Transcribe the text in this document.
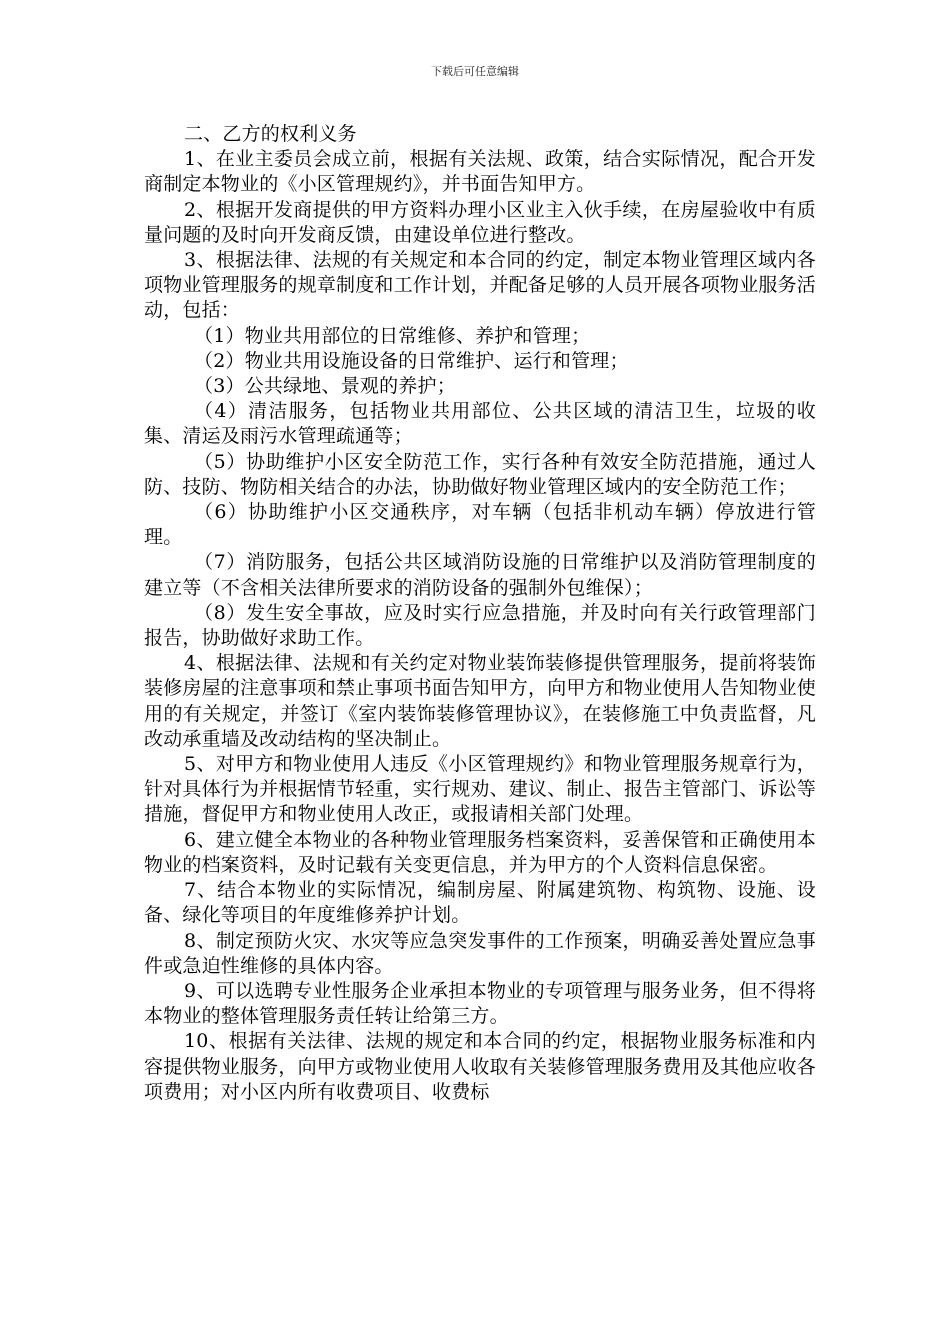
下载后可任意编辑

二、乙方的权利义务

1、在业主委员会成立前，根据有关法规、政策，结合实际情况，配合开发商制定本物业的《小区管理规约》，并书面告知甲方。

2、根据开发商提供的甲方资料办理小区业主入伙手续，在房屋验收中有质量问题的及时向开发商反馈，由建设单位进行整改。

3、根据法律、法规的有关规定和本合同的约定，制定本物业管理区域内各项物业管理服务的规章制度和工作计划，并配备足够的人员开展各项物业服务活动，包括：

（1）物业共用部位的日常维修、养护和管理；

（2）物业共用设施设备的日常维护、运行和管理；

（3）公共绿地、景观的养护；

（4）清洁服务，包括物业共用部位、公共区域的清洁卫生，垃圾的收集、清运及雨污水管理疏通等；

（5）协助维护小区安全防范工作，实行各种有效安全防范措施，通过人防、技防、物防相关结合的办法，协助做好物业管理区域内的安全防范工作；

（6）协助维护小区交通秩序，对车辆（包括非机动车辆）停放进行管理。

（7）消防服务，包括公共区域消防设施的日常维护以及消防管理制度的建立等（不含相关法律所要求的消防设备的强制外包维保）；

（8）发生安全事故，应及时实行应急措施，并及时向有关行政管理部门报告，协助做好求助工作。

4、根据法律、法规和有关约定对物业装饰装修提供管理服务，提前将装饰装修房屋的注意事项和禁止事项书面告知甲方，向甲方和物业使用人告知物业使用的有关规定，并签订《室内装饰装修管理协议》，在装修施工中负责监督，凡改动承重墙及改动结构的坚决制止。

5、对甲方和物业使用人违反《小区管理规约》和物业管理服务规章行为，针对具体行为并根据情节轻重，实行规劝、建议、制止、报告主管部门、诉讼等措施，督促甲方和物业使用人改正，或报请相关部门处理。

6、建立健全本物业的各种物业管理服务档案资料，妥善保管和正确使用本物业的档案资料，及时记载有关变更信息，并为甲方的个人资料信息保密。

7、结合本物业的实际情况，编制房屋、附属建筑物、构筑物、设施、设备、绿化等项目的年度维修养护计划。

8、制定预防火灾、水灾等应急突发事件的工作预案，明确妥善处置应急事件或急迫性维修的具体内容。

9、可以选聘专业性服务企业承担本物业的专项管理与服务业务，但不得将本物业的整体管理服务责任转让给第三方。

10、根据有关法律、法规的规定和本合同的约定，根据物业服务标准和内容提供物业服务，向甲方或物业使用人收取有关装修管理服务费用及其他应收各项费用；对小区内所有收费项目、收费标
